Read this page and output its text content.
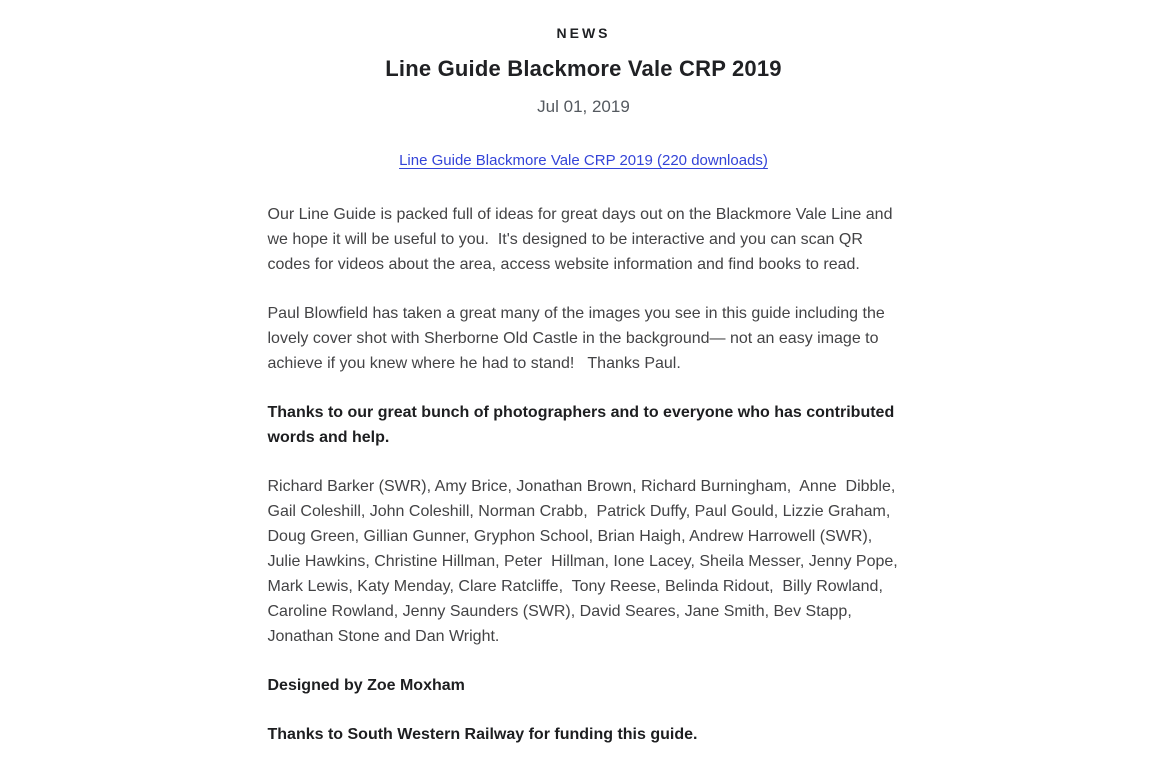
NEWS
Line Guide Blackmore Vale CRP 2019
Jul 01, 2019
Line Guide Blackmore Vale CRP 2019 (220 downloads)

Our Line Guide is packed full of ideas for great days out on the Blackmore Vale Line and we hope it will be useful to you.  It's designed to be interactive and you can scan QR codes for videos about the area, access website information and find books to read.

Paul Blowfield has taken a great many of the images you see in this guide including the lovely cover shot with Sherborne Old Castle in the background— not an easy image to achieve if you knew where he had to stand!   Thanks Paul.

Thanks to our great bunch of photographers and to everyone who has contributed words and help.

Richard Barker (SWR), Amy Brice, Jonathan Brown, Richard Burningham,  Anne  Dibble, Gail Coleshill, John Coleshill, Norman Crabb,  Patrick Duffy, Paul Gould, Lizzie Graham, Doug Green, Gillian Gunner, Gryphon School, Brian Haigh, Andrew Harrowell (SWR),  Julie Hawkins, Christine Hillman, Peter  Hillman, Ione Lacey, Sheila Messer, Jenny Pope, Mark Lewis, Katy Menday, Clare Ratcliffe,  Tony Reese, Belinda Ridout,  Billy Rowland, Caroline Rowland, Jenny Saunders (SWR), David Seares, Jane Smith, Bev Stapp, Jonathan Stone and Dan Wright.

Designed by Zoe Moxham

Thanks to South Western Railway for funding this guide.
